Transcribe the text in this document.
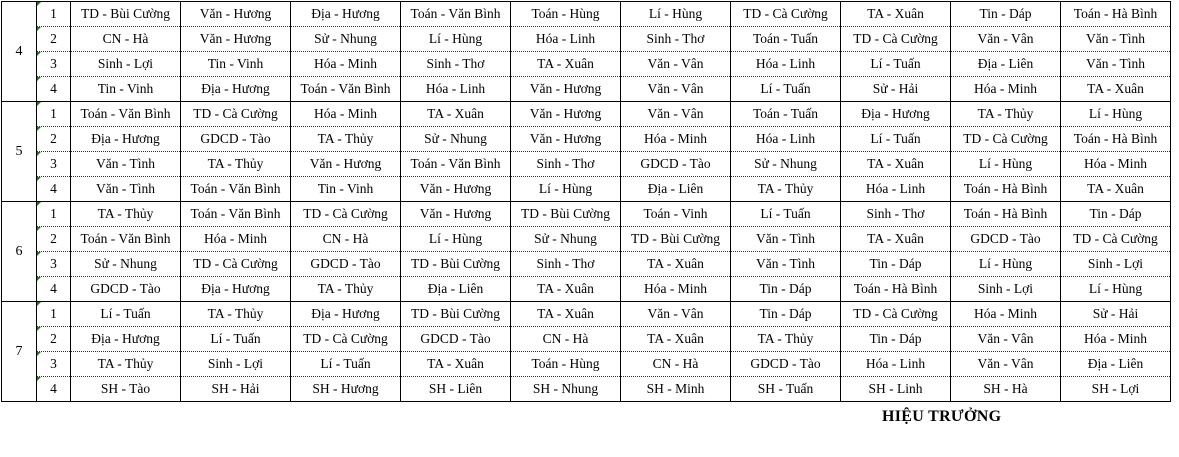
4	1	TD - Bùi Cường	Văn - Hương	Địa - Hương	Toán - Văn Bình	Toán - Hùng	Lí - Hùng	TD - Cà Cường	TA - Xuân	Tin - Dáp	Toán - Hà Bình

2	CN - Hà	Văn - Hương	Sử - Nhung	Lí - Hùng	Hóa - Linh	Sinh - Thơ	Toán - Tuấn	TD - Cà Cường	Văn - Vân	Văn - Tình

3	Sinh - Lợi	Tin - Vinh	Hóa - Minh	Sinh - Thơ	TA - Xuân	Văn - Vân	Hóa - Linh	Lí - Tuấn	Địa - Liên	Văn - Tình

4	Tin - Vinh	Địa - Hương	Toán - Văn Bình	Hóa - Linh	Văn - Hương	Văn - Vân	Lí - Tuấn	Sử - Hải	Hóa - Minh	TA - Xuân
5	1	Toán - Văn Bình	TD - Cà Cường	Hóa - Minh	TA - Xuân	Văn - Hương	Văn - Vân	Toán - Tuấn	Địa - Hương	TA - Thủy	Lí - Hùng

2	Địa - Hương	GDCD - Tào	TA - Thủy	Sử - Nhung	Văn - Hương	Hóa - Minh	Hóa - Linh	Lí - Tuấn	TD - Cà Cường	Toán - Hà Bình

3	Văn - Tình	TA - Thủy	Văn - Hương	Toán - Văn Bình	Sinh - Thơ	GDCD - Tào	Sử - Nhung	TA - Xuân	Lí - Hùng	Hóa - Minh

4	Văn - Tình	Toán - Văn Bình	Tin - Vinh	Văn - Hương	Lí - Hùng	Địa - Liên	TA - Thủy	Hóa - Linh	Toán - Hà Bình	TA - Xuân
6	1	TA - Thủy	Toán - Văn Bình	TD - Cà Cường	Văn - Hương	TD - Bùi Cường	Toán - Vinh	Lí - Tuấn	Sinh - Thơ	Toán - Hà Bình	Tin - Dáp

2	Toán - Văn Bình	Hóa - Minh	CN - Hà	Lí - Hùng	Sử - Nhung	TD - Bùi Cường	Văn - Tình	TA - Xuân	GDCD - Tào	TD - Cà Cường

3	Sử - Nhung	TD - Cà Cường	GDCD - Tào	TD - Bùi Cường	Sinh - Thơ	TA - Xuân	Văn - Tình	Tin - Dáp	Lí - Hùng	Sinh - Lợi

4	GDCD - Tào	Địa - Hương	TA - Thủy	Địa - Liên	TA - Xuân	Hóa - Minh	Tin - Dáp	Toán - Hà Bình	Sinh - Lợi	Lí - Hùng
7	1	Lí - Tuấn	TA - Thủy	Địa - Hương	TD - Bùi Cường	TA - Xuân	Văn - Vân	Tin - Dáp	TD - Cà Cường	Hóa - Minh	Sử - Hải

2	Địa - Hương	Lí - Tuấn	TD - Cà Cường	GDCD - Tào	CN - Hà	TA - Xuân	TA - Thủy	Tin - Dáp	Văn - Vân	Hóa - Minh

3	TA - Thủy	Sinh - Lợi	Lí - Tuấn	TA - Xuân	Toán - Hùng	CN - Hà	GDCD - Tào	Hóa - Linh	Văn - Vân	Địa - Liên

4	SH - Tào	SH - Hải	SH - Hương	SH - Liên	SH - Nhung	SH - Minh	SH - Tuấn	SH - Linh	SH - Hà	SH - Lợi
HIỆU TRƯỞNG
